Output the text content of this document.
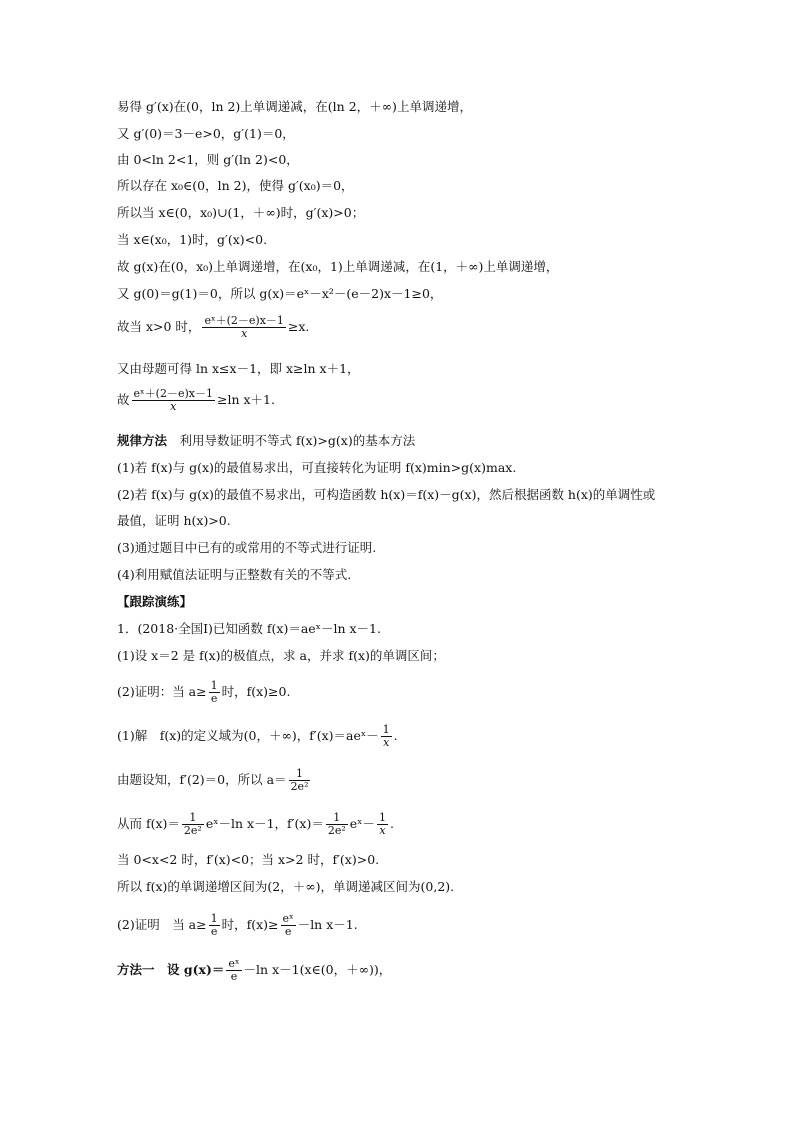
易得 g′(x)在(0，ln 2)上单调递减，在(ln 2，＋∞)上单调递增，
又 g′(0)＝3－e>0，g′(1)＝0，
由 0<ln 2<1，则 g′(ln 2)<0，
所以存在 x₀∈(0，ln 2)，使得 g′(x₀)＝0，
所以当 x∈(0，x₀)∪(1，＋∞)时，g′(x)>0；
当 x∈(x₀，1)时，g′(x)<0.
故 g(x)在(0，x₀)上单调递增，在(x₀，1)上单调递减，在(1，＋∞)上单调递增，
又 g(0)＝g(1)＝0，所以 g(x)＝eˣ－x²－(e－2)x－1≥0，
故当 x>0 时， $\frac{\text{eˣ＋(2－e)x－1}}{x} \ge x$.
又由母题可得 ln x≤x－1，即 x≥ln x＋1，
故 $\frac{\text{eˣ＋(2－e)x－1}}{x} \ge\ln$ x＋1.
规律方法　 利用导数证明不等式 f(x)>g(x)的基本方法
(1)若 f(x)与 g(x)的最值易求出，可直接转化为证明 f(x)min>g(x)max.
(2)若 f(x)与 g(x)的最值不易求出，可构造函数 h(x)＝f(x)－g(x)，然后根据函数 h(x)的单调性或
最值，证明 h(x)>0.
(3)通过题目中已有的或常用的不等式进行证明.
(4)利用赋值法证明与正整数有关的不等式.
【跟踪演练】
1．(2018·全国Ⅰ)已知函数 f(x)＝aeˣ－ln x－1.
(1)设 x＝2 是 f(x)的极值点，求 a，并求 f(x)的单调区间；
(2)证明：当 $a\ge \frac{1}{e}$ 时，f(x)≥0.
(1)解　f(x)的定义域为(0，＋∞)，f′(x)＝aeˣ－ $\frac{1}{x}$ .
由题设知，f′(2)＝0，所以 $a= \frac{1}{\text{2e²}}$
从而 $f(x)= \frac{1}{\text{2e²}}$ eˣ－ln x－1，$f'(x)= \frac{1}{\text{2e²}}$ eˣ－ $\frac{1}{x}$ .
当 0<x<2 时，f′(x)<0；当 x>2 时，f′(x)>0.
所以 f(x)的单调递增区间为(2，＋∞)，单调递减区间为(0,2).
(2)证明　当 $a\ge \frac{1}{e}$ 时，$f(x)\ge \frac{\text{eˣ}}{e} -\ln$ x－1.
方法一　设 $g(x)= \frac{\text{eˣ}}{e} -\ln$ x－1(x∈(0，＋∞))，
